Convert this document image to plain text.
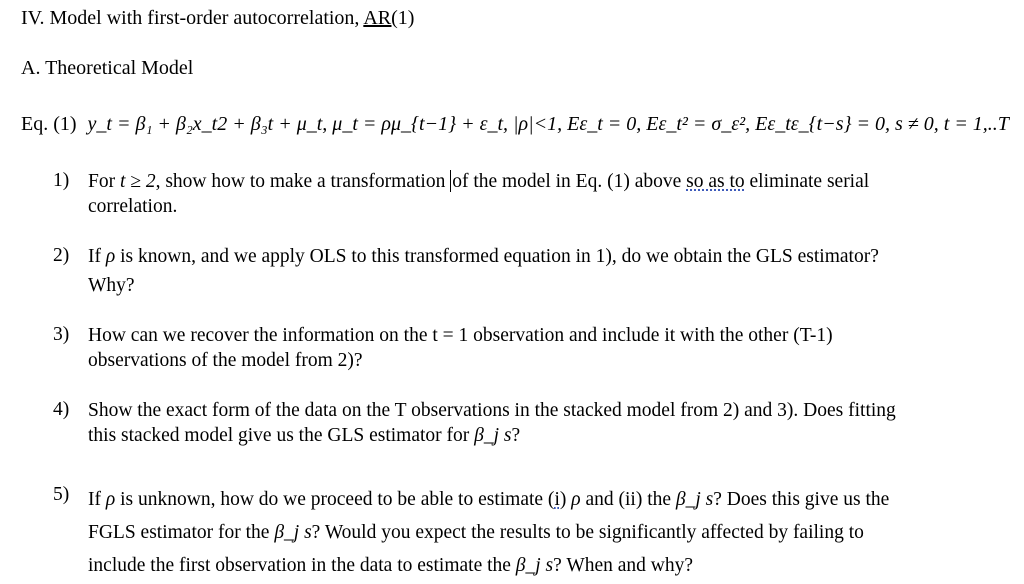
IV. Model with first-order autocorrelation, AR(1)
A. Theoretical Model
Eq. (1) y_t = β₁ + β₂x_t2 + β₃t + μ_t, μ_t = ρμ_{t−1} + ε_t, |ρ|<1, Eε_t = 0, Eε_t² = σ_ε², Eε_tε_{t−s} = 0, s ≠ 0, t = 1,..T
1) For t ≥ 2, show how to make a transformation of the model in Eq. (1) above so as to eliminate serial
correlation.
2) If ρ is known, and we apply OLS to this transformed equation in 1), do we obtain the GLS estimator?
Why?
3) How can we recover the information on the t = 1 observation and include it with the other (T-1)
observations of the model from 2)?
4) Show the exact form of the data on the T observations in the stacked model from 2) and 3). Does fitting
this stacked model give us the GLS estimator for β_j s?
5) If ρ is unknown, how do we proceed to be able to estimate (i) ρ and (ii) the β_j s? Does this give us the
FGLS estimator for the β_j s? Would you expect the results to be significantly affected by failing to
include the first observation in the data to estimate the β_j s? When and why?
